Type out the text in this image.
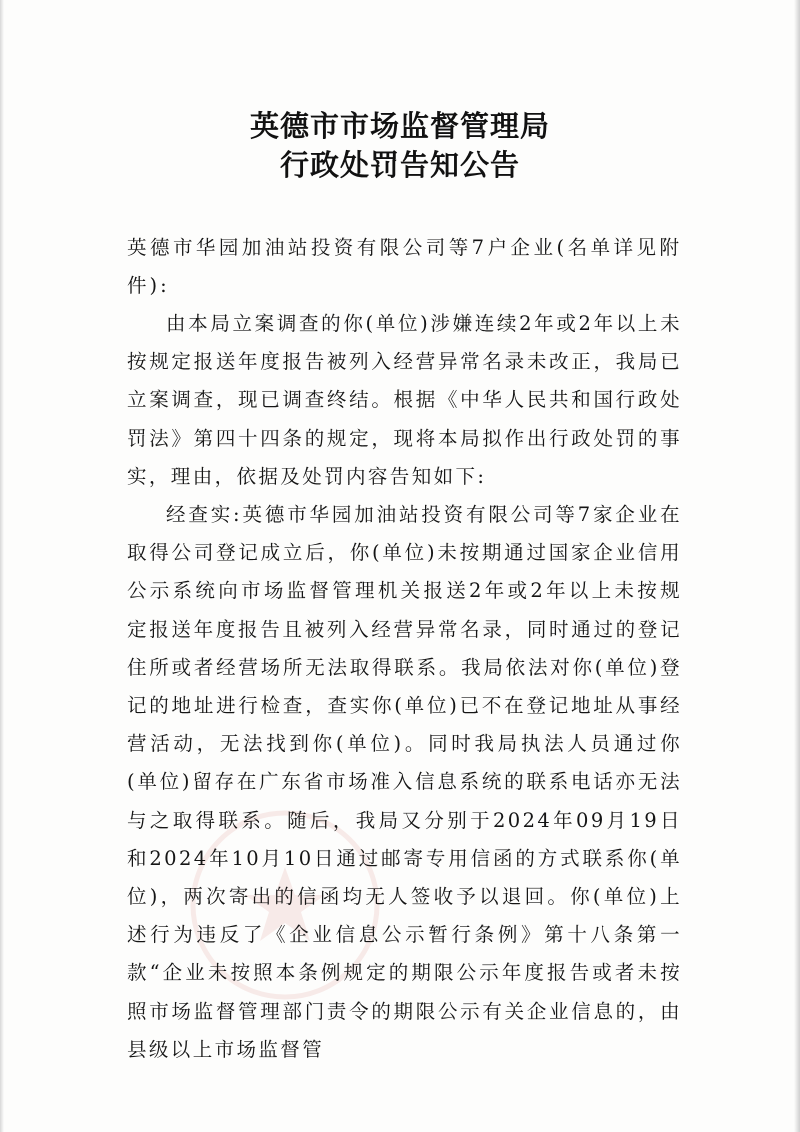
英德市市场监督管理局
行政处罚告知公告

英德市华园加油站投资有限公司等7户企业(名单详见附件):

由本局立案调查的你(单位)涉嫌连续2年或2年以上未按规定报送年度报告被列入经营异常名录未改正，我局已立案调查，现已调查终结。根据《中华人民共和国行政处罚法》第四十四条的规定，现将本局拟作出行政处罚的事实，理由，依据及处罚内容告知如下:

经查实:英德市华园加油站投资有限公司等7家企业在取得公司登记成立后，你(单位)未按期通过国家企业信用公示系统向市场监督管理机关报送2年或2年以上未按规定报送年度报告且被列入经营异常名录，同时通过的登记住所或者经营场所无法取得联系。我局依法对你(单位)登记的地址进行检查，查实你(单位)已不在登记地址从事经营活动，无法找到你(单位)。同时我局执法人员通过你(单位)留存在广东省市场准入信息系统的联系电话亦无法与之取得联系。随后，我局又分别于2024年09月19日和2024年10月10日通过邮寄专用信函的方式联系你(单位)，两次寄出的信函均无人签收予以退回。你(单位)上述行为违反了《企业信息公示暂行条例》第十八条第一款“企业未按照本条例规定的期限公示年度报告或者未按照市场监督管理部门责令的期限公示有关企业信息的，由县级以上市场监督管
